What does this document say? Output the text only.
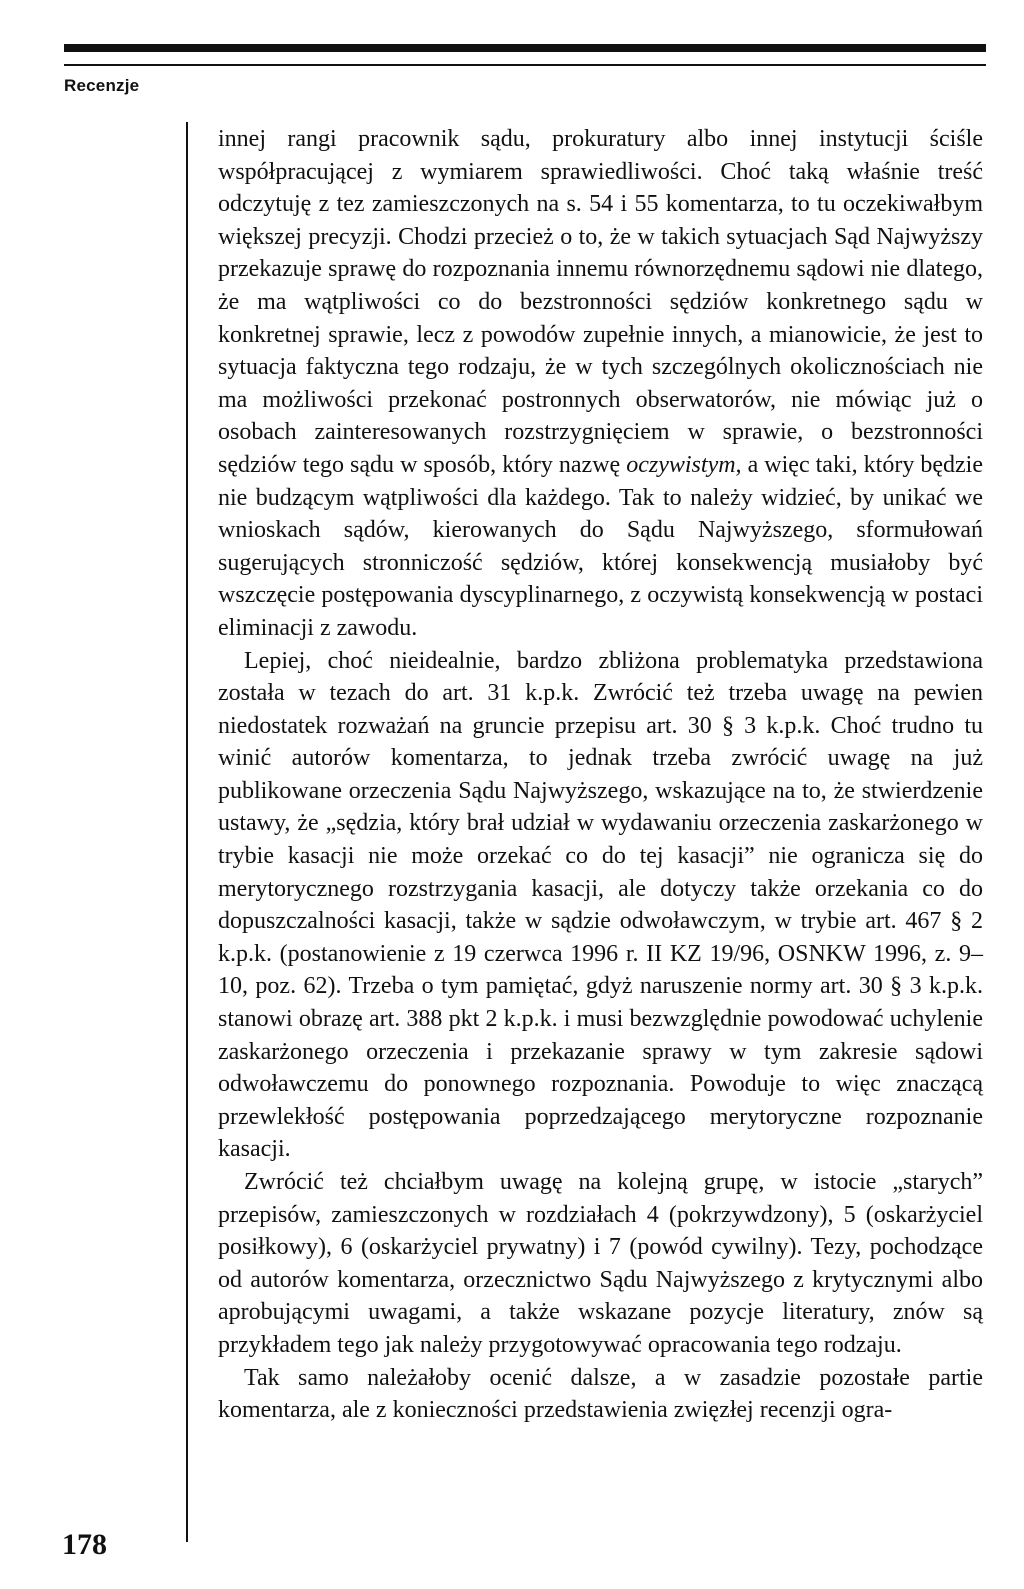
Recenzje

innej rangi pracownik sądu, prokuratury albo innej instytucji ściśle współpracującej z wymiarem sprawiedliwości. Choć taką właśnie treść odczytuję z tez zamieszczonych na s. 54 i 55 komentarza, to tu oczekiwałbym większej precyzji. Chodzi przecież o to, że w takich sytuacjach Sąd Najwyższy przekazuje sprawę do rozpoznania innemu równorzędnemu sądowi nie dlatego, że ma wątpliwości co do bezstronności sędziów konkretnego sądu w konkretnej sprawie, lecz z powodów zupełnie innych, a mianowicie, że jest to sytuacja faktyczna tego rodzaju, że w tych szczególnych okolicznościach nie ma możliwości przekonać postronnych obserwatorów, nie mówiąc już o osobach zainteresowanych rozstrzygnięciem w sprawie, o bezstronności sędziów tego sądu w sposób, który nazwę oczywistym, a więc taki, który będzie nie budzącym wątpliwości dla każdego. Tak to należy widzieć, by unikać we wnioskach sądów, kierowanych do Sądu Najwyższego, sformułowań sugerujących stronniczość sędziów, której konsekwencją musiałoby być wszczęcie postępowania dyscyplinarnego, z oczywistą konsekwencją w postaci eliminacji z zawodu.

Lepiej, choć nieidealnie, bardzo zbliżona problematyka przedstawiona została w tezach do art. 31 k.p.k. Zwrócić też trzeba uwagę na pewien niedostatek rozważań na gruncie przepisu art. 30 § 3 k.p.k. Choć trudno tu winić autorów komentarza, to jednak trzeba zwrócić uwagę na już publikowane orzeczenia Sądu Najwyższego, wskazujące na to, że stwierdzenie ustawy, że „sędzia, który brał udział w wydawaniu orzeczenia zaskarżonego w trybie kasacji nie może orzekać co do tej kasacji” nie ogranicza się do merytorycznego rozstrzygania kasacji, ale dotyczy także orzekania co do dopuszczalności kasacji, także w sądzie odwoławczym, w trybie art. 467 § 2 k.p.k. (postanowienie z 19 czerwca 1996 r. II KZ 19/96, OSNKW 1996, z. 9–10, poz. 62). Trzeba o tym pamiętać, gdyż naruszenie normy art. 30 § 3 k.p.k. stanowi obrazę art. 388 pkt 2 k.p.k. i musi bezwzględnie powodować uchylenie zaskarżonego orzeczenia i przekazanie sprawy w tym zakresie sądowi odwoławczemu do ponownego rozpoznania. Powoduje to więc znaczącą przewlekłość postępowania poprzedzającego merytoryczne rozpoznanie kasacji.

Zwrócić też chciałbym uwagę na kolejną grupę, w istocie „starych” przepisów, zamieszczonych w rozdziałach 4 (pokrzywdzony), 5 (oskarżyciel posiłkowy), 6 (oskarżyciel prywatny) i 7 (powód cywilny). Tezy, pochodzące od autorów komentarza, orzecznictwo Sądu Najwyższego z krytycznymi albo aprobującymi uwagami, a także wskazane pozycje literatury, znów są przykładem tego jak należy przygotowywać opracowania tego rodzaju.

Tak samo należałoby ocenić dalsze, a w zasadzie pozostałe partie komentarza, ale z konieczności przedstawienia zwięzłej recenzji ogra-

178
